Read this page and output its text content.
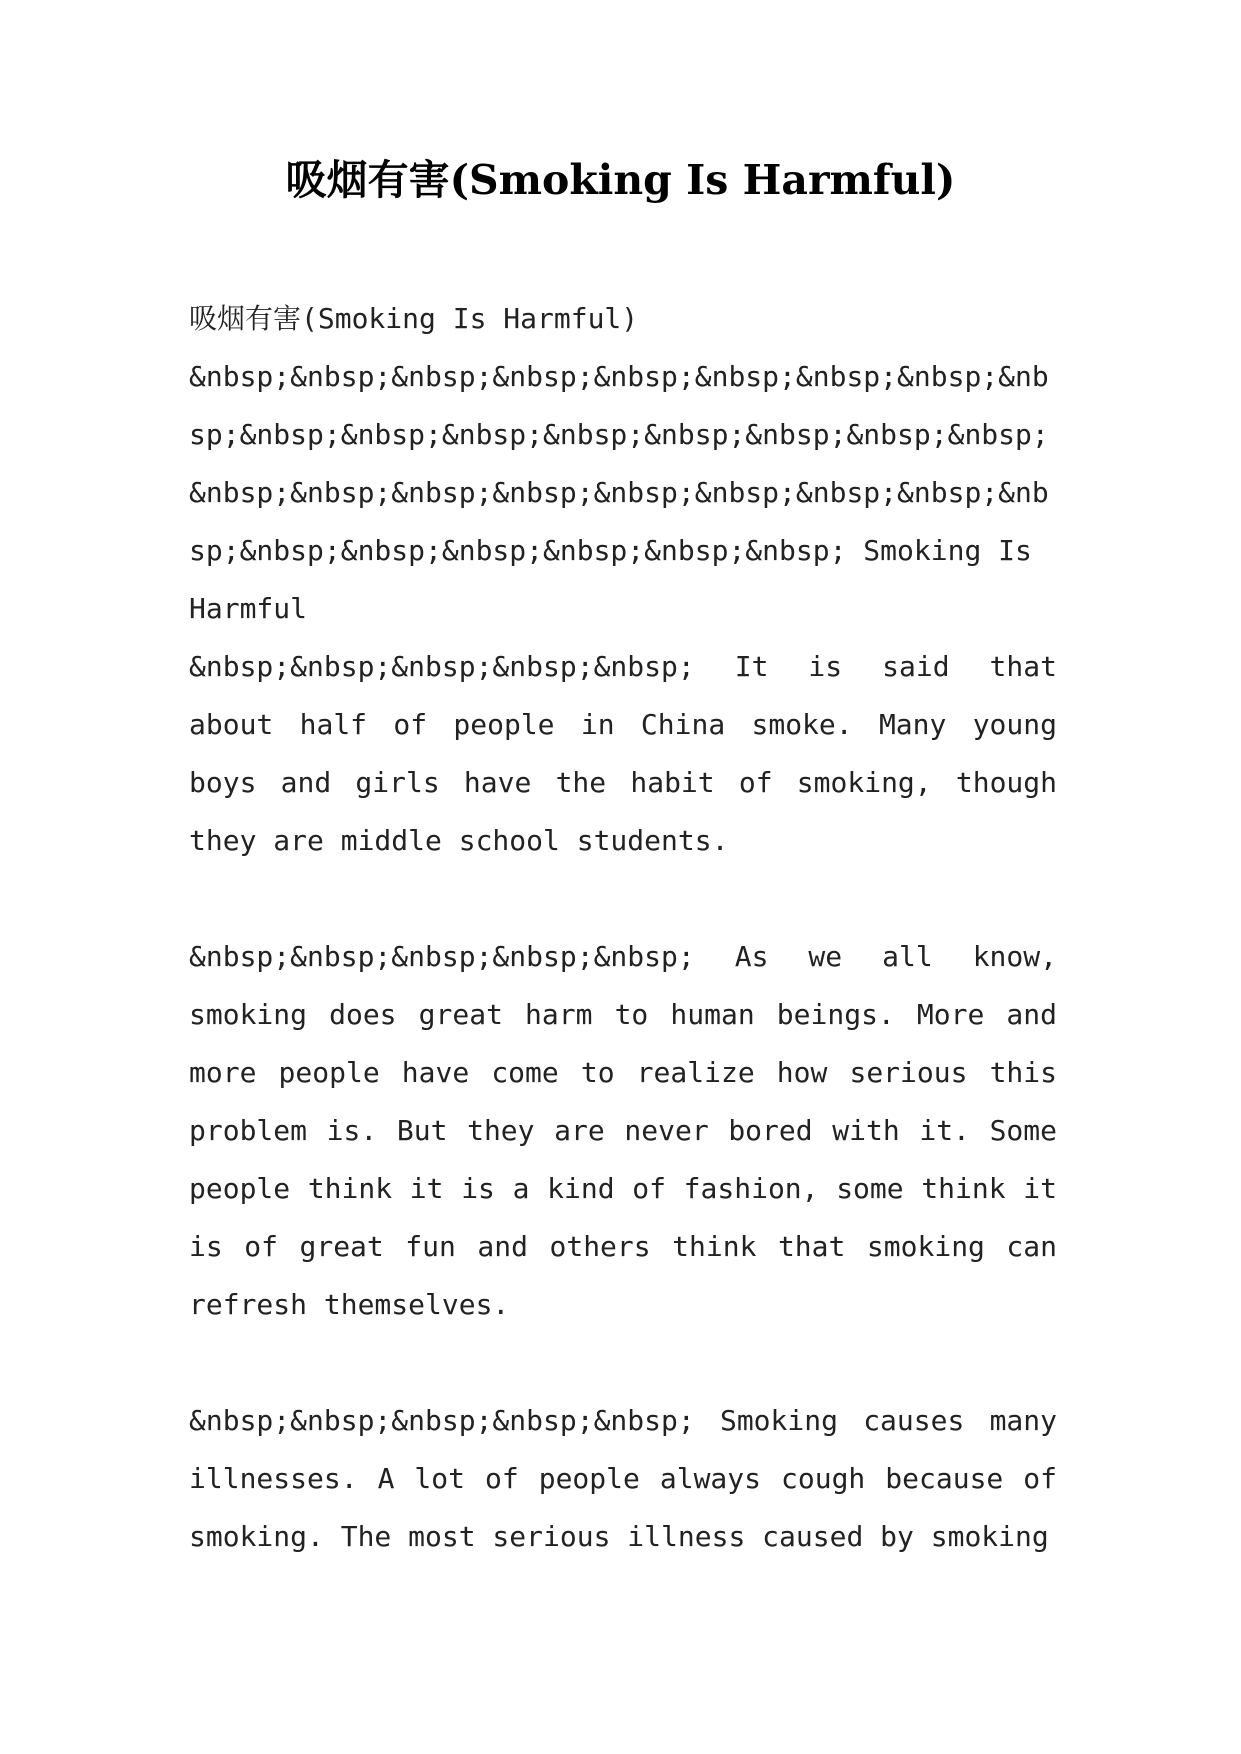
吸烟有害(Smoking Is Harmful)

吸烟有害(Smoking Is Harmful)

&nbsp;&nbsp;&nbsp;&nbsp;&nbsp;&nbsp;&nbsp;&nbsp;&nbsp;&nbsp;&nbsp;&nbsp;&nbsp;&nbsp;&nbsp;&nbsp;&nbsp;&nbsp;&nbsp;&nbsp;&nbsp;&nbsp;&nbsp;&nbsp;&nbsp;&nbsp;&nbsp;&nbsp;&nbsp;&nbsp;&nbsp;&nbsp; Smoking Is Harmful

&nbsp;&nbsp;&nbsp;&nbsp;&nbsp; It is said that about half of people in China smoke. Many young boys and girls have the habit of smoking, though they are middle school students.

&nbsp;&nbsp;&nbsp;&nbsp;&nbsp; As we all know, smoking does great harm to human beings. More and more people have come to realize how serious this problem is. But they are never bored with it. Some people think it is a kind of fashion, some think it is of great fun and others think that smoking can refresh themselves.

&nbsp;&nbsp;&nbsp;&nbsp;&nbsp; Smoking causes many illnesses. A lot of people always cough because of smoking. The most serious illness caused by smoking
